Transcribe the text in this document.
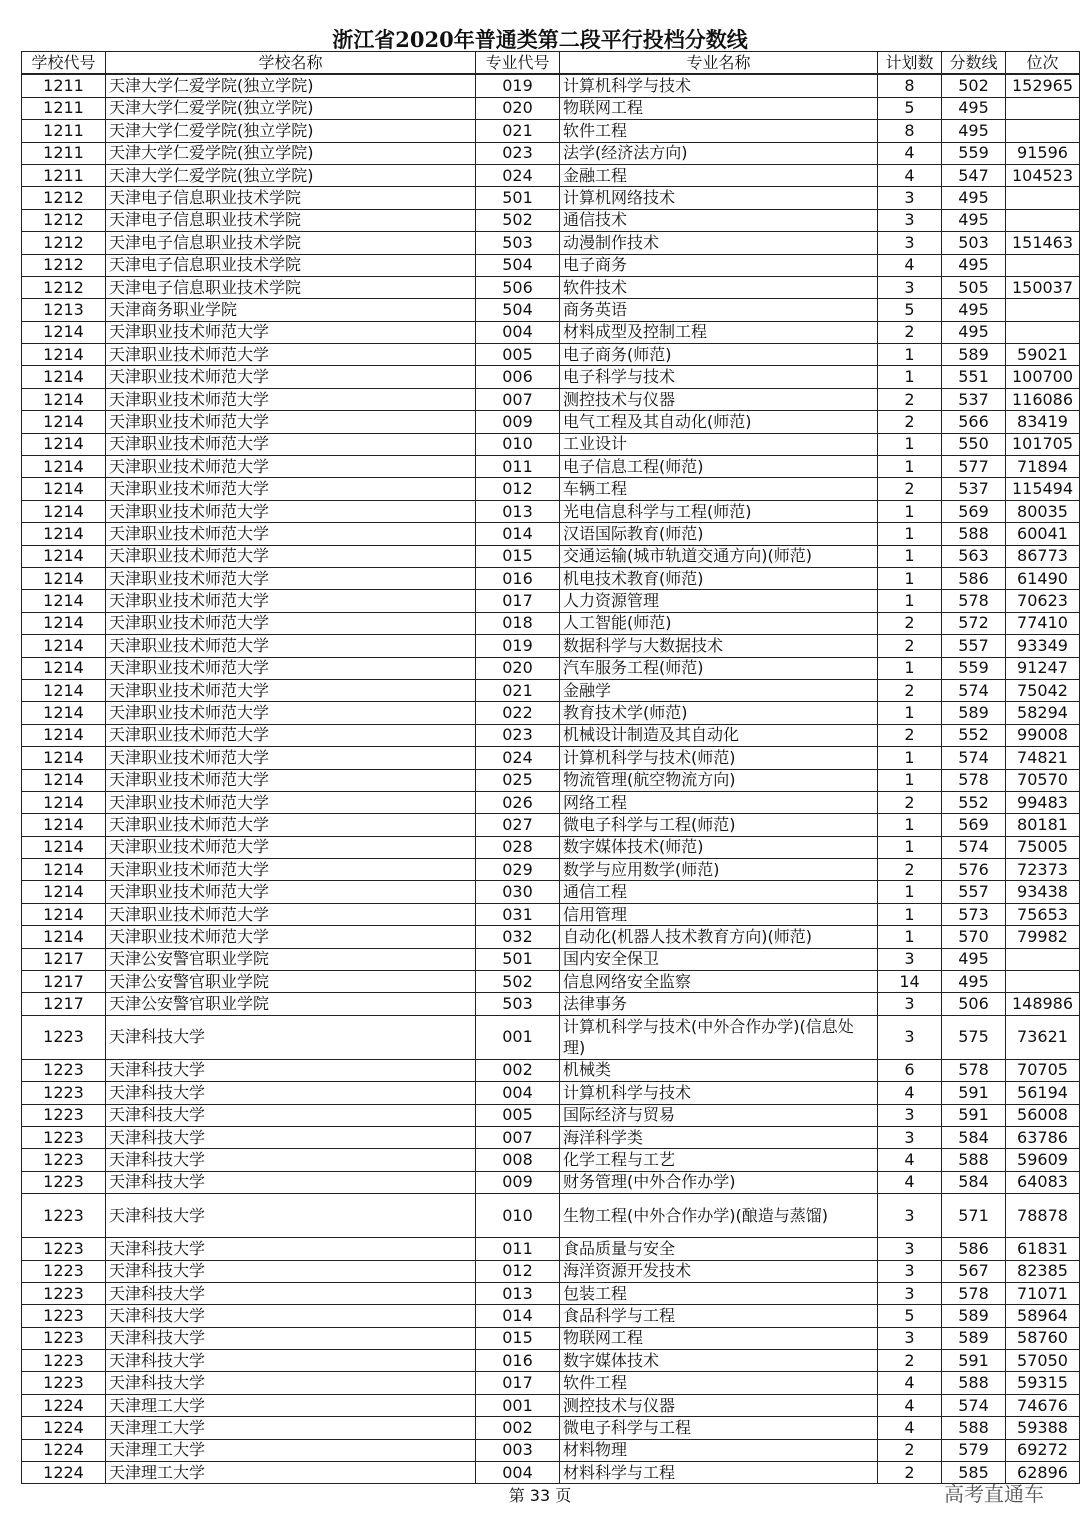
浙江省2020年普通类第二段平行投档分数线
学校代号	学校名称	专业代号	专业名称	计划数	分数线	位次
1211	天津大学仁爱学院(独立学院)	019	计算机科学与技术	8	502	152965
1211	天津大学仁爱学院(独立学院)	020	物联网工程	5	495	
1211	天津大学仁爱学院(独立学院)	021	软件工程	8	495	
1211	天津大学仁爱学院(独立学院)	023	法学(经济法方向)	4	559	91596
1211	天津大学仁爱学院(独立学院)	024	金融工程	4	547	104523
1212	天津电子信息职业技术学院	501	计算机网络技术	3	495	
1212	天津电子信息职业技术学院	502	通信技术	3	495	
1212	天津电子信息职业技术学院	503	动漫制作技术	3	503	151463
1212	天津电子信息职业技术学院	504	电子商务	4	495	
1212	天津电子信息职业技术学院	506	软件技术	3	505	150037
1213	天津商务职业学院	504	商务英语	5	495	
1214	天津职业技术师范大学	004	材料成型及控制工程	2	495	
1214	天津职业技术师范大学	005	电子商务(师范)	1	589	59021
1214	天津职业技术师范大学	006	电子科学与技术	1	551	100700
1214	天津职业技术师范大学	007	测控技术与仪器	2	537	116086
1214	天津职业技术师范大学	009	电气工程及其自动化(师范)	2	566	83419
1214	天津职业技术师范大学	010	工业设计	1	550	101705
1214	天津职业技术师范大学	011	电子信息工程(师范)	1	577	71894
1214	天津职业技术师范大学	012	车辆工程	2	537	115494
1214	天津职业技术师范大学	013	光电信息科学与工程(师范)	1	569	80035
1214	天津职业技术师范大学	014	汉语国际教育(师范)	1	588	60041
1214	天津职业技术师范大学	015	交通运输(城市轨道交通方向)(师范)	1	563	86773
1214	天津职业技术师范大学	016	机电技术教育(师范)	1	586	61490
1214	天津职业技术师范大学	017	人力资源管理	1	578	70623
1214	天津职业技术师范大学	018	人工智能(师范)	2	572	77410
1214	天津职业技术师范大学	019	数据科学与大数据技术	2	557	93349
1214	天津职业技术师范大学	020	汽车服务工程(师范)	1	559	91247
1214	天津职业技术师范大学	021	金融学	2	574	75042
1214	天津职业技术师范大学	022	教育技术学(师范)	1	589	58294
1214	天津职业技术师范大学	023	机械设计制造及其自动化	2	552	99008
1214	天津职业技术师范大学	024	计算机科学与技术(师范)	1	574	74821
1214	天津职业技术师范大学	025	物流管理(航空物流方向)	1	578	70570
1214	天津职业技术师范大学	026	网络工程	2	552	99483
1214	天津职业技术师范大学	027	微电子科学与工程(师范)	1	569	80181
1214	天津职业技术师范大学	028	数字媒体技术(师范)	1	574	75005
1214	天津职业技术师范大学	029	数学与应用数学(师范)	2	576	72373
1214	天津职业技术师范大学	030	通信工程	1	557	93438
1214	天津职业技术师范大学	031	信用管理	1	573	75653
1214	天津职业技术师范大学	032	自动化(机器人技术教育方向)(师范)	1	570	79982
1217	天津公安警官职业学院	501	国内安全保卫	3	495	
1217	天津公安警官职业学院	502	信息网络安全监察	14	495	
1217	天津公安警官职业学院	503	法律事务	3	506	148986
1223	天津科技大学	001	计算机科学与技术(中外合作办学)(信息处理)	3	575	73621
1223	天津科技大学	002	机械类	6	578	70705
1223	天津科技大学	004	计算机科学与技术	4	591	56194
1223	天津科技大学	005	国际经济与贸易	3	591	56008
1223	天津科技大学	007	海洋科学类	3	584	63786
1223	天津科技大学	008	化学工程与工艺	4	588	59609
1223	天津科技大学	009	财务管理(中外合作办学)	4	584	64083
1223	天津科技大学	010	生物工程(中外合作办学)(酿造与蒸馏)	3	571	78878
1223	天津科技大学	011	食品质量与安全	3	586	61831
1223	天津科技大学	012	海洋资源开发技术	3	567	82385
1223	天津科技大学	013	包装工程	3	578	71071
1223	天津科技大学	014	食品科学与工程	5	589	58964
1223	天津科技大学	015	物联网工程	3	589	58760
1223	天津科技大学	016	数字媒体技术	2	591	57050
1223	天津科技大学	017	软件工程	4	588	59315
1224	天津理工大学	001	测控技术与仪器	4	574	74676
1224	天津理工大学	002	微电子科学与工程	4	588	59388
1224	天津理工大学	003	材料物理	2	579	69272
1224	天津理工大学	004	材料科学与工程	2	585	62896
第 33 页	高考直通车
